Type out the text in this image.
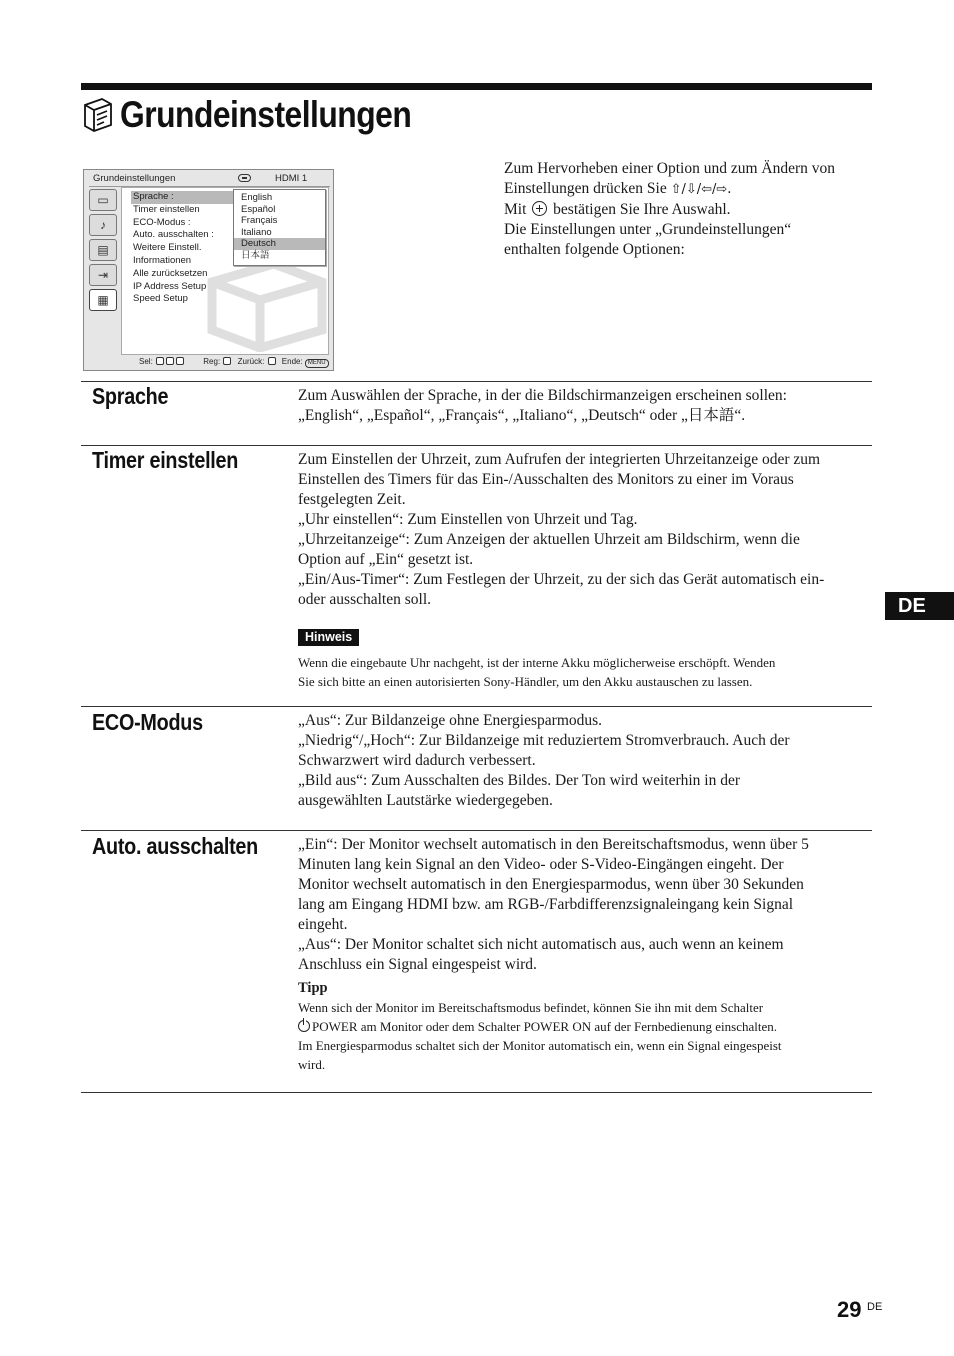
Grundeinstellungen
Grundeinstellungen	HDMI 1
▭
♪
▤
⇥
▦
Sprache :
Timer einstellen
ECO-Modus :
Auto. ausschalten :
Weitere Einstell.
Informationen
Alle zurücksetzen
IP Address Setup
Speed Setup
English
Español
Français
Italiano
Deutsch
日本語
Sel:	Reg: Zurück: Ende: MENU

Zum Hervorheben einer Option und zum Ändern von

Einstellungen drücken Sie ⇧/⇩/⇦/⇨.

Mit  bestätigen Sie Ihre Auswahl.

Die Einstellungen unter „Grundeinstellungen“

enthalten folgende Optionen:

Sprache	Zum Auswählen der Sprache, in der die Bildschirmanzeigen erscheinen sollen:

„English“, „Español“, „Français“, „Italiano“, „Deutsch“ oder „日本語“.

Timer einstellen	Zum Einstellen der Uhrzeit, zum Aufrufen der integrierten Uhrzeitanzeige oder zum

Einstellen des Timers für das Ein-/Ausschalten des Monitors zu einer im Voraus

festgelegten Zeit.

„Uhr einstellen“: Zum Einstellen von Uhrzeit und Tag.

„Uhrzeitanzeige“: Zum Anzeigen der aktuellen Uhrzeit am Bildschirm, wenn die

Option auf „Ein“ gesetzt ist.

„Ein/Aus-Timer“: Zum Festlegen der Uhrzeit, zu der sich das Gerät automatisch ein-

oder ausschalten soll.

Hinweis

Wenn die eingebaute Uhr nachgeht, ist der interne Akku möglicherweise erschöpft. Wenden

Sie sich bitte an einen autorisierten Sony-Händler, um den Akku austauschen zu lassen.

ECO-Modus	„Aus“: Zur Bildanzeige ohne Energiesparmodus.

„Niedrig“/„Hoch“: Zur Bildanzeige mit reduziertem Stromverbrauch. Auch der

Schwarzwert wird dadurch verbessert.

„Bild aus“: Zum Ausschalten des Bildes. Der Ton wird weiterhin in der

ausgewählten Lautstärke wiedergegeben.

Auto. ausschalten	„Ein“: Der Monitor wechselt automatisch in den Bereitschaftsmodus, wenn über 5

Minuten lang kein Signal an den Video- oder S-Video-Eingängen eingeht. Der

Monitor wechselt automatisch in den Energiesparmodus, wenn über 30 Sekunden

lang am Eingang HDMI bzw. am RGB-/Farbdifferenzsignaleingang kein Signal

eingeht.

„Aus“: Der Monitor schaltet sich nicht automatisch aus, auch wenn an keinem

Anschluss ein Signal eingespeist wird.

Tipp

Wenn sich der Monitor im Bereitschaftsmodus befindet, können Sie ihn mit dem Schalter

POWER am Monitor oder dem Schalter POWER ON auf der Fernbedienung einschalten.

Im Energiesparmodus schaltet sich der Monitor automatisch ein, wenn ein Signal eingespeist

wird.

DE
29 DE
